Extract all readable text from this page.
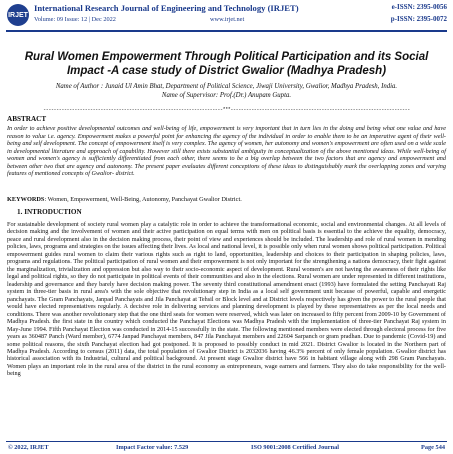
IRJET
International Research Journal of Engineering and Technology (IRJET)	e-ISSN: 2395-0056
Volume: 09 Issue: 12 | Dec 2022	www.irjet.net	p-ISSN: 2395-0072
Rural Women Empowerment Through Political Participation and its Social Impact -A case study of District Gwalior (Madhya Pradesh)
Name of Author : Junaid Ul Amin Bhat, Department of Political Science, Jiwaji University, Gwalior, Madhya Pradesh, India.
Name of Supervisor: Prof.(Dr.) Anupam Gupta.
---------------------------------------------------------------------***---------------------------------------------------------------------
ABSTRACT
In order to achieve positive developmental outcomes and well-being of life, empowerment is very important that in turn lies in the doing and being what one value and have reason to value i.e. agency. Empowerment makes a powerful point for enhancing the agency of the individual in order to enable them to be an imperative agent of their well-being and self development. The concept of empowerment itself is very complex. The agency of women, her autonomy and women's empowerment are often used on a wide scale in developmental literature and approach of capability. However still there exists substantial ambiguity in conceptualization of the above mentioned ideas. While well-being of women and women's agency is sufficiently differentiated from each other, there seems to be a big overlap between the two factors that are agency and empowerment and between other two that are agency and autonomy. The present paper evaluates different conceptions of these ideas to distinguishably mark the overlapping zones and varying features of mentioned concepts of Gwalior- district.
KEYWORDS: Women, Empowerment, Well-Being, Autonomy, Panchayat Gwalior District.
1. INTRODUCTION
For sustainable development of society rural women play a catalytic role in order to achieve the transformational economic, social and environmental changes. At all levels of decision making and the involvement of women and their active participation on equal terms with men on political basis is essential to the achieve the equality, democracy, peace and rural development also in the decision making process, their point of view and experiences should be included. The leadership and role of rural women in mending policies, laws, programs and strategies on the issues affecting their lives. As local and national level, it is possible only when rural women shows political participation. Political empowerment guides rural women to claim their various rights such as right to land, opportunities, leadership and choices to their participation in shaping policies, laws, programs and regulations. The political participation of rural women and their empowerment is not only important for the strengthening a nations democracy, their fight against the marginalization, trivialization and oppression but also way to their socio-economic aspect of development. Rural women's are not having the awareness of their rights like legal and political rights, so they do not participate in political events of their communities and also in the elections. Rural women are under represented in different institutions, leadership and governance and they barely have decision making power. The seventy third constitutional amendment enact (1993) have formulated the setting Panchayati Raj system in three-tier basis in rural area's with the sole objective that revolutionary step in India as a local self government unit because of powerful, capable and energetic panchayats. The Gram Panchayats, Janpad Panchayats and Jila Panchayat at Tehsil or Block level and at District levels respectively has given the power to the rural people that would have elected representatives regularly. A decisive role in delivering services and planning development is played by these representatives as per the local needs and conditions. There was another revolutionary step that the one third seats for women were reserved, which was later on increased to fifty percent from 2009-10 by Government of Madhya Pradesh. the first state in the country which conducted the Panchayat Elections was Madhya Pradesh with the implementation of three-tier Panchayat Raj system in May-June 1994. Fifth Panchayat Election was conducted in 2014-15 successfully in the state. The following mentioned members were elected through electoral process for five years as 360487 Panch (Ward member), 6774 Janpad Panchayat members, 847 Jila Panchayat members and 22604 Sarpanch or gram pradhan. Due to pandemic (Covid-19) and some political reasons, the sixth Panchayat election had got postponed. It is proposed to possibly conduct in mid 2021. District Gwalior is located in the Northern part of Madhya Pradesh. According to census (2011) data, the total population of Gwalior District is 2032036 having 46.3% percent of only female population. Gwalior district has historical association with its Industrial, cultural and political background. At present stage Gwalior district have 566 in habitant village along with 298 Gram Panchayats. Women plays an important role in the rural area of the district in the rural economy as entrepreneurs, wage earners and farmers. They also do take responsibility for the well-being
© 2022, IRJET	Impact Factor value: 7.529	ISO 9001:2008 Certified Journal	Page 544
